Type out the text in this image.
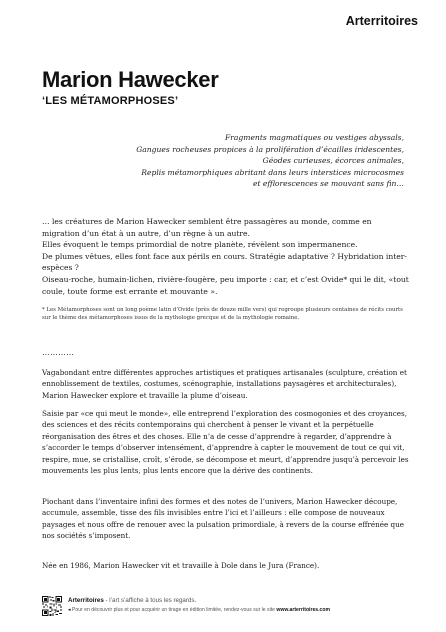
Arterritoires
Marion Hawecker
‘LES MÉTAMORPHOSES’
Fragments magmatiques ou vestiges abyssals,
Gangues rocheuses propices à la prolifération d’écailles iridescentes,
Géodes curieuses, écorces animales,
Replis métamorphiques abritant dans leurs interstices microcosmes
et efflorescences se mouvant sans fin…

… les créatures de Marion Hawecker semblent être passagères au monde, comme en migration d’un état à un autre, d’un règne à un autre.

Elles évoquent le temps primordial de notre planète, révèlent son impermanence.

De plumes vêtues, elles font face aux périls en cours. Stratégie adaptative ? Hybridation inter-espèces ?

Oiseau-roche, humain-lichen, rivière-fougère, peu importe : car, et c’est Ovide* qui le dit, «tout coule, toute forme est errante et mouvante ».

* Les Métamorphoses sont un long poème latin d’Ovide (près de douze mille vers) qui regroupe plusieurs centaines de récits courts sur le thème des métamorphoses issus de la mythologie grecque et de la mythologie romaine.

…………

Vagabondant entre différentes approches artistiques et pratiques artisanales (sculpture, création et ennoblissement de textiles, costumes, scénographie, installations paysagères et architecturales), Marion Hawecker explore et travaille la plume d’oiseau.

Saisie par «ce qui meut le monde», elle entreprend l’exploration des cosmogonies et des croyances, des sciences et des récits contemporains qui cherchent à penser le vivant et la perpétuelle réorganisation des êtres et des choses. Elle n’a de cesse d’apprendre à regarder, d’apprendre à s’accorder le temps d’observer intensément, d’apprendre à capter le mouvement de tout ce qui vit, respire, mue, se cristallise, croît, s’érode, se décompose et meurt, d’apprendre jusqu’à percevoir les mouvements les plus lents, plus lents encore que la dérive des continents.

Piochant dans l’inventaire infini des formes et des notes de l’univers, Marion Hawecker découpe, accumule, assemble, tisse des fils invisibles entre l’ici et l’ailleurs : elle compose de nouveaux paysages et nous offre de renouer avec la pulsation primordiale, à revers de la course effrénée que nos sociétés s’imposent.

Née en 1986, Marion Hawecker vit et travaille à Dole dans le Jura (France).

Arterritoires - l’art s’affiche à tous les regards.
◂ Pour en découvrir plus et pour acquérir un tirage en édition limitée, rendez-vous sur le site www.arterritoires.com
